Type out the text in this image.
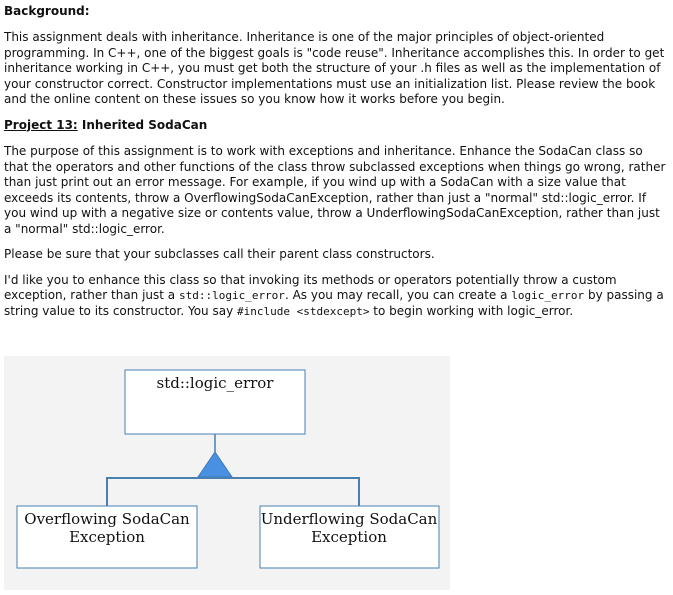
Background:

This assignment deals with inheritance. Inheritance is one of the major principles of object-oriented programming. In C++, one of the biggest goals is "code reuse". Inheritance accomplishes this. In order to get inheritance working in C++, you must get both the structure of your .h files as well as the implementation of your constructor correct. Constructor implementations must use an initialization list. Please review the book and the online content on these issues so you know how it works before you begin.

Project 13: Inherited SodaCan

The purpose of this assignment is to work with exceptions and inheritance. Enhance the SodaCan class so that the operators and other functions of the class throw subclassed exceptions when things go wrong, rather than just print out an error message. For example, if you wind up with a SodaCan with a size value that exceeds its contents, throw a OverflowingSodaCanException, rather than just a "normal" std::logic_error. If you wind up with a negative size or contents value, throw a UnderflowingSodaCanException, rather than just a "normal" std::logic_error.

Please be sure that your subclasses call their parent class constructors.

I'd like you to enhance this class so that invoking its methods or operators potentially throw a custom exception, rather than just a std::logic_error. As you may recall, you can create a logic_error by passing a string value to its constructor. You say #include <stdexcept> to begin working with logic_error.

std::logic_error
Overflowing SodaCan
Exception
Underflowing SodaCan
Exception
